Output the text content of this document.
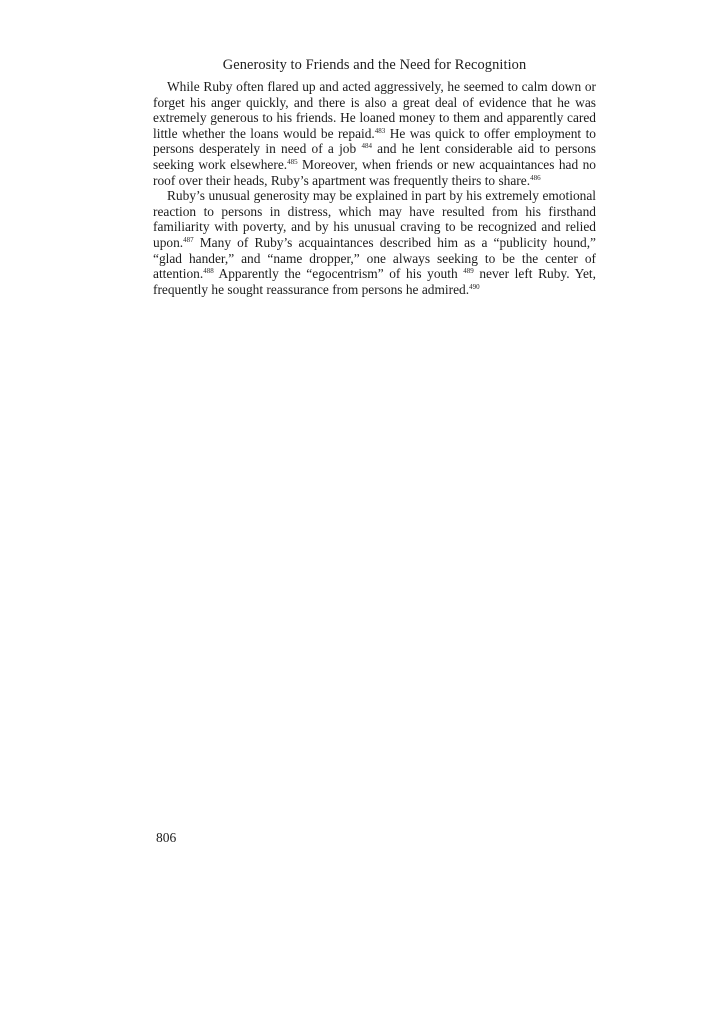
Generosity to Friends and the Need for Recognition

While Ruby often flared up and acted aggressively, he seemed to calm down or forget his anger quickly, and there is also a great deal of evidence that he was extremely generous to his friends. He loaned money to them and apparently cared little whether the loans would be repaid.$^{483}$ He was quick to offer employment to persons desperately in need of a job $^{484}$ and he lent considerable aid to persons seeking work elsewhere.$^{485}$ Moreover, when friends or new acquaintances had no roof over their heads, Ruby’s apartment was frequently theirs to share.$^{486}$

Ruby’s unusual generosity may be explained in part by his extremely emotional reaction to persons in distress, which may have resulted from his firsthand familiarity with poverty, and by his unusual craving to be recognized and relied upon.$^{487}$ Many of Ruby’s acquaintances described him as a “publicity hound,” “glad hander,” and “name dropper,” one always seeking to be the center of attention.$^{488}$ Apparently the “egocentrism” of his youth $^{489}$ never left Ruby. Yet, frequently he sought reassurance from persons he admired.$^{490}$

806
